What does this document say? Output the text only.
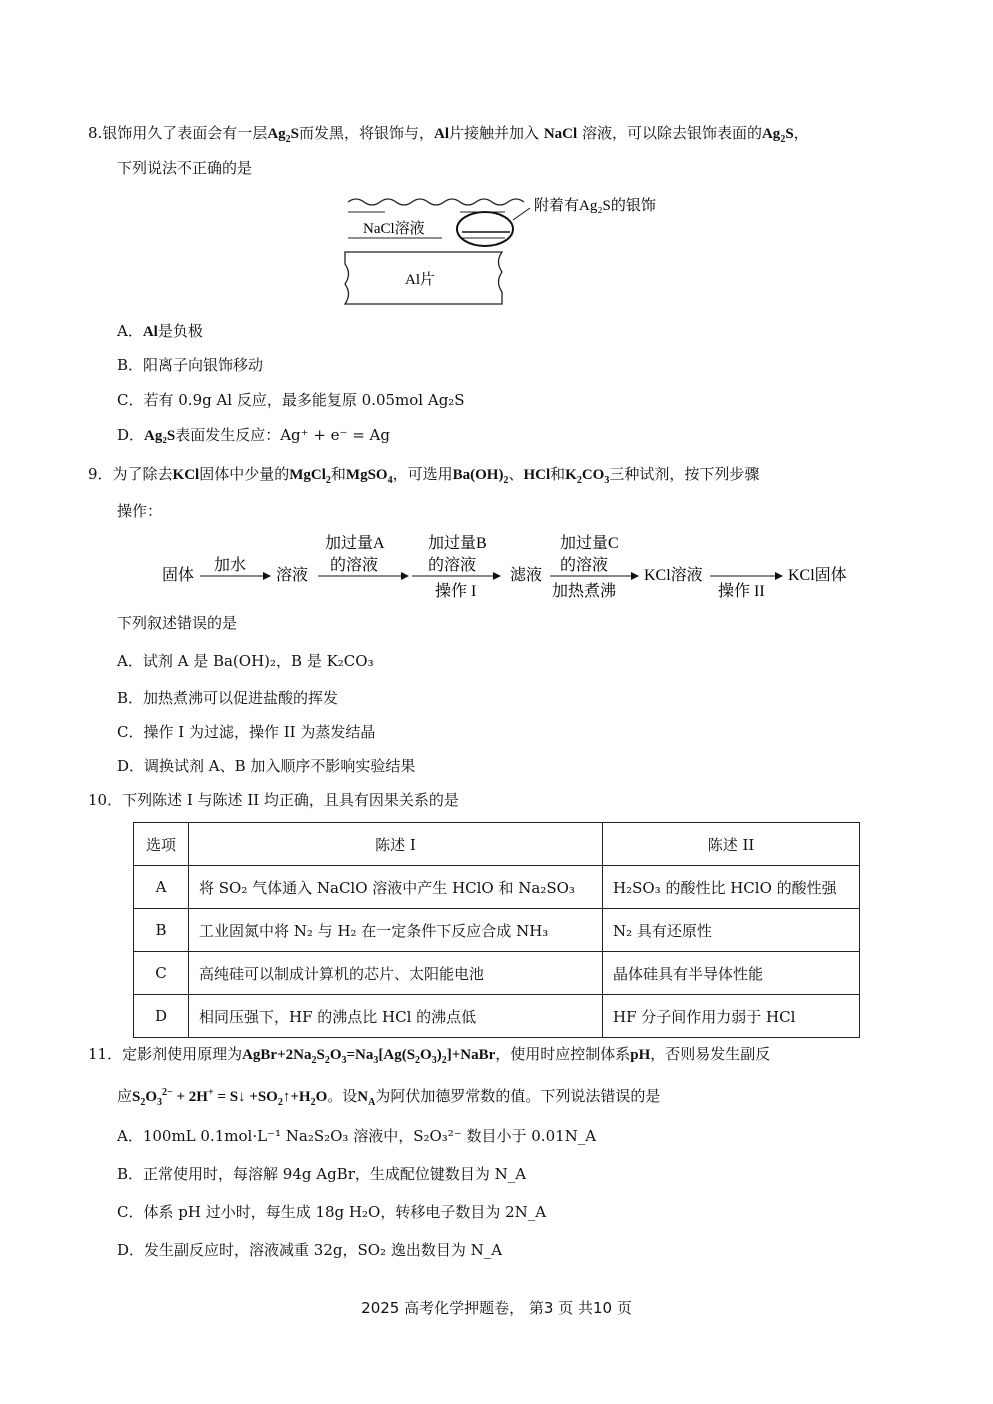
8.银饰用久了表面会有一层$Ag_2S$而发黑，将银饰与，Al片接触并加入 NaCl 溶液，可以除去银饰表面的$Ag_2S$，
下列说法不正确的是
NaCl溶液
附着有Ag₂S的银饰
Al片
A．Al是负极
B．阳离子向银饰移动
C．若有 0.9g Al 反应，最多能复原 0.05mol Ag₂S
D．Ag₂S表面发生反应：Ag⁺ + e⁻ = Ag
9．为了除去KCl固体中少量的MgCl$_2$和MgSO$_4$，可选用$Ba(OH)_2$、HCl和$K_2CO_3$三种试剂，按下列步骤
操作：
固体
加水
溶液
加过量A
的溶液
加过量B
的溶液
操作 I
滤液
加过量C
的溶液
加热煮沸
KCl溶液
操作 II
KCl固体
下列叙述错误的是
A．试剂 A 是 Ba(OH)₂，B 是 K₂CO₃
B．加热煮沸可以促进盐酸的挥发
C．操作 I 为过滤，操作 II 为蒸发结晶
D．调换试剂 A、B 加入顺序不影响实验结果
10．下列陈述 I 与陈述 II 均正确，且具有因果关系的是
选项	陈述 I	陈述 II
A	将 SO₂ 气体通入 NaClO 溶液中产生 HClO 和 Na₂SO₃	H₂SO₃ 的酸性比 HClO 的酸性强
B	工业固氮中将 N₂ 与 H₂ 在一定条件下反应合成 NH₃	N₂ 具有还原性
C	高纯硅可以制成计算机的芯片、太阳能电池	晶体硅具有半导体性能
D	相同压强下，HF 的沸点比 HCl 的沸点低	HF 分子间作用力弱于 HCl
11．定影剂使用原理为$AgBr+2Na_2S_2O_3=Na_3[Ag(S_2O_3)_2]+NaBr$，使用时应控制体系pH，否则易发生副反
应$S_2O_3^{2-} + 2H^+$ = S↓ $+SO_2↑+H_2O$。设$N_A$为阿伏加德罗常数的值。下列说法错误的是
A．100mL 0.1mol·L⁻¹ Na₂S₂O₃ 溶液中，S₂O₃²⁻ 数目小于 0.01N_A
B．正常使用时，每溶解 94g AgBr，生成配位键数目为 N_A
C．体系 pH 过小时，每生成 18g H₂O，转移电子数目为 2N_A
D．发生副反应时，溶液减重 32g，SO₂ 逸出数目为 N_A
2025 高考化学押题卷， 第3 页 共10 页
